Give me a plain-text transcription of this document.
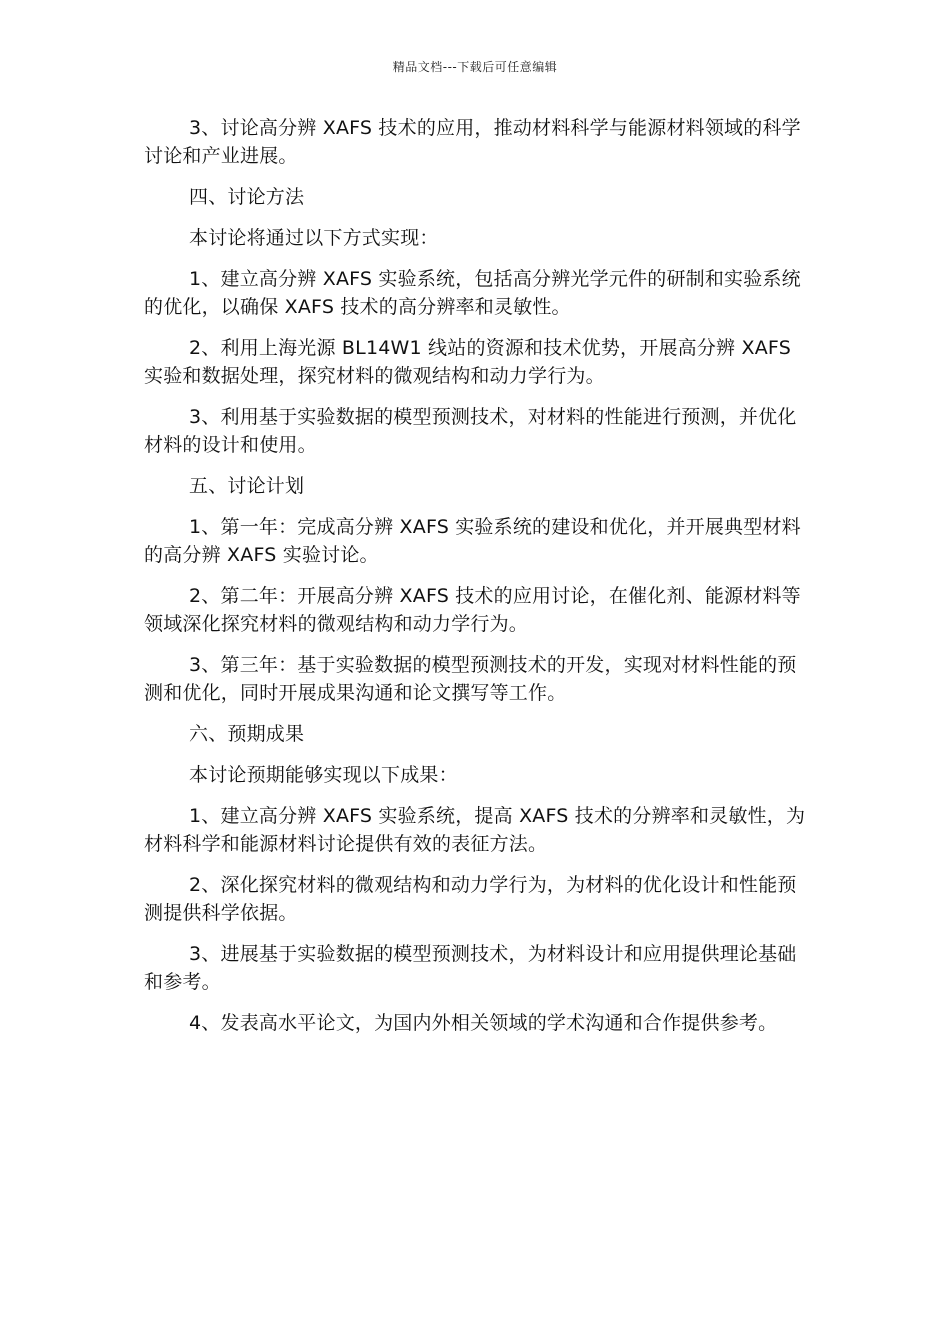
精品文档---下载后可任意编辑

3、讨论高分辨 XAFS 技术的应用，推动材料科学与能源材料领域的科学讨论和产业进展。

四、讨论方法

本讨论将通过以下方式实现：

1、建立高分辨 XAFS 实验系统，包括高分辨光学元件的研制和实验系统的优化，以确保 XAFS 技术的高分辨率和灵敏性。

2、利用上海光源 BL14W1 线站的资源和技术优势，开展高分辨 XAFS 实验和数据处理，探究材料的微观结构和动力学行为。

3、利用基于实验数据的模型预测技术，对材料的性能进行预测，并优化材料的设计和使用。

五、讨论计划

1、第一年：完成高分辨 XAFS 实验系统的建设和优化，并开展典型材料的高分辨 XAFS 实验讨论。

2、第二年：开展高分辨 XAFS 技术的应用讨论，在催化剂、能源材料等领域深化探究材料的微观结构和动力学行为。

3、第三年：基于实验数据的模型预测技术的开发，实现对材料性能的预测和优化，同时开展成果沟通和论文撰写等工作。

六、预期成果

本讨论预期能够实现以下成果：

1、建立高分辨 XAFS 实验系统，提高 XAFS 技术的分辨率和灵敏性，为材料科学和能源材料讨论提供有效的表征方法。

2、深化探究材料的微观结构和动力学行为，为材料的优化设计和性能预测提供科学依据。

3、进展基于实验数据的模型预测技术，为材料设计和应用提供理论基础和参考。

4、发表高水平论文，为国内外相关领域的学术沟通和合作提供参考。
